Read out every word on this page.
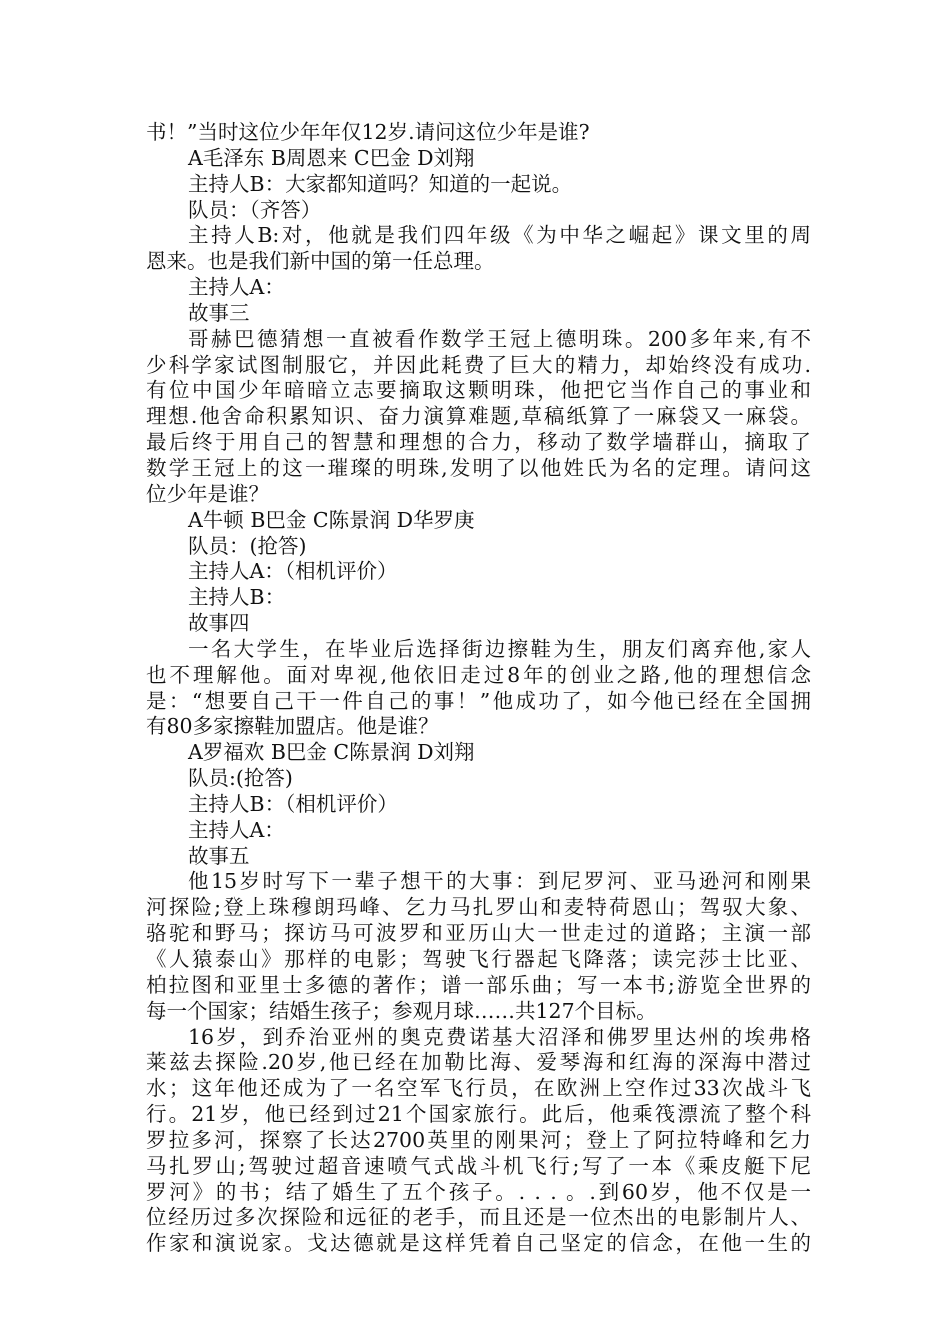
书！”当时这位少年年仅12岁.请问这位少年是谁?
A毛泽东 B周恩来 C巴金 D刘翔
主持人B：大家都知道吗？知道的一起说。
队员：（齐答）
主持人B:对，他就是我们四年级《为中华之崛起》课文里的周
恩来。也是我们新中国的第一任总理。
主持人A：
故事三
哥赫巴德猜想一直被看作数学王冠上德明珠。200多年来,有不
少科学家试图制服它，并因此耗费了巨大的精力，却始终没有成功.
有位中国少年暗暗立志要摘取这颗明珠，他把它当作自己的事业和
理想.他舍命积累知识、奋力演算难题,草稿纸算了一麻袋又一麻袋。
最后终于用自己的智慧和理想的合力，移动了数学墙群山，摘取了
数学王冠上的这一璀璨的明珠,发明了以他姓氏为名的定理。请问这
位少年是谁？
A牛顿 B巴金 C陈景润 D华罗庚
队员：(抢答)
主持人A：（相机评价）
主持人B：
故事四
一名大学生，在毕业后选择街边擦鞋为生，朋友们离弃他,家人
也不理解他。面对卑视,他依旧走过8年的创业之路,他的理想信念
是：“想要自己干一件自己的事！”他成功了，如今他已经在全国拥
有80多家擦鞋加盟店。他是谁？
A罗福欢 B巴金 C陈景润 D刘翔
队员:(抢答)
主持人B：（相机评价）
主持人A：
故事五
他15岁时写下一辈子想干的大事：到尼罗河、亚马逊河和刚果
河探险;登上珠穆朗玛峰、乞力马扎罗山和麦特荷恩山；驾驭大象、
骆驼和野马；探访马可波罗和亚历山大一世走过的道路；主演一部
《人猿泰山》那样的电影；驾驶飞行器起飞降落；读完莎士比亚、
柏拉图和亚里士多德的著作；谱一部乐曲；写一本书;游览全世界的
每一个国家；结婚生孩子；参观月球……共127个目标。
16岁，到乔治亚州的奥克费诺基大沼泽和佛罗里达州的埃弗格
莱兹去探险.20岁,他已经在加勒比海、爱琴海和红海的深海中潜过
水；这年他还成为了一名空军飞行员，在欧洲上空作过33次战斗飞
行。21岁，他已经到过21个国家旅行。此后，他乘筏漂流了整个科
罗拉多河，探察了长达2700英里的刚果河；登上了阿拉特峰和乞力
马扎罗山;驾驶过超音速喷气式战斗机飞行;写了一本《乘皮艇下尼
罗河》的书；结了婚生了五个孩子。. . . 。.到60岁，他不仅是一
位经历过多次探险和远征的老手，而且还是一位杰出的电影制片人、
作家和演说家。戈达德就是这样凭着自己坚定的信念，在他一生的
